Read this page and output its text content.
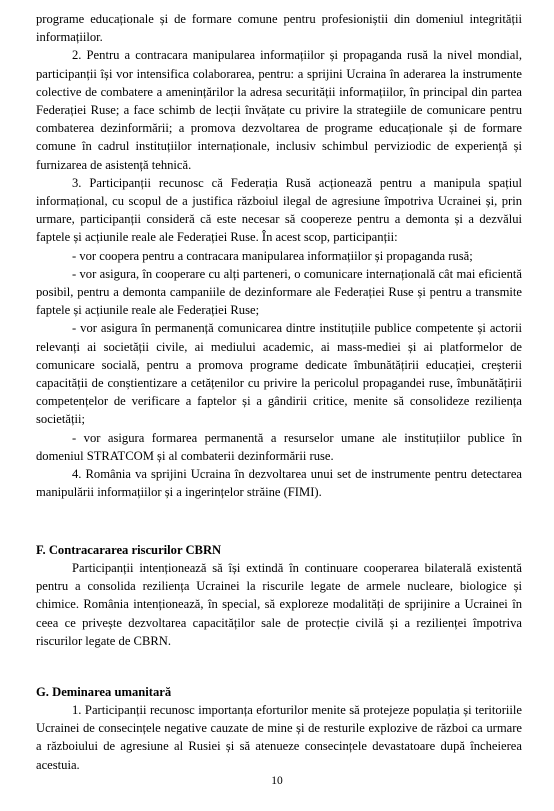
programe educaționale și de formare comune pentru profesioniștii din domeniul integrității informațiilor.

2. Pentru a contracara manipularea informațiilor și propaganda rusă la nivel mondial, participanții își vor intensifica colaborarea, pentru: a sprijini Ucraina în aderarea la instrumente colective de combatere a amenințărilor la adresa securității informațiilor, în principal din partea Federației Ruse; a face schimb de lecții învățate cu privire la strategiile de comunicare pentru combaterea dezinformării; a promova dezvoltarea de programe educaționale și de formare comune în cadrul instituțiilor internaționale, inclusiv schimbul perviziodic de experiență și furnizarea de asistență tehnică.

3. Participanții recunosc că Federația Rusă acționează pentru a manipula spațiul informațional, cu scopul de a justifica războiul ilegal de agresiune împotriva Ucrainei și, prin urmare, participanții consideră că este necesar să coopereze pentru a demonta și a dezvălui faptele și acțiunile reale ale Federației Ruse. În acest scop, participanții:

- vor coopera pentru a contracara manipularea informațiilor și propaganda rusă;

- vor asigura, în cooperare cu alți parteneri, o comunicare internațională cât mai eficientă posibil, pentru a demonta campaniile de dezinformare ale Federației Ruse și pentru a transmite faptele și acțiunile reale ale Federației Ruse;

- vor asigura în permanență comunicarea dintre instituțiile publice competente și actorii relevanți ai societății civile, ai mediului academic, ai mass-mediei și ai platformelor de comunicare socială, pentru a promova programe dedicate îmbunătățirii educației, creșterii capacității de conștientizare a cetățenilor cu privire la pericolul propagandei ruse, îmbunătățirii competențelor de verificare a faptelor și a gândirii critice, menite să consolideze reziliența societății;

- vor asigura formarea permanentă a resurselor umane ale instituțiilor publice în domeniul STRATCOM și al combaterii dezinformării ruse.

4. România va sprijini Ucraina în dezvoltarea unui set de instrumente pentru detectarea manipulării informațiilor și a ingerințelor străine (FIMI).

F. Contracararea riscurilor CBRN

Participanții intenționează să își extindă în continuare cooperarea bilaterală existentă pentru a consolida reziliența Ucrainei la riscurile legate de armele nucleare, biologice și chimice. România intenționează, în special, să exploreze modalități de sprijinire a Ucrainei în ceea ce privește dezvoltarea capacităților sale de protecție civilă și a rezilienței împotriva riscurilor legate de CBRN.

G. Deminarea umanitară

1. Participanții recunosc importanța eforturilor menite să protejeze populația și teritoriile Ucrainei de consecințele negative cauzate de mine și de resturile explozive de război ca urmare a războiului de agresiune al Rusiei și să atenueze consecințele devastatoare după încheierea acestuia.

10
